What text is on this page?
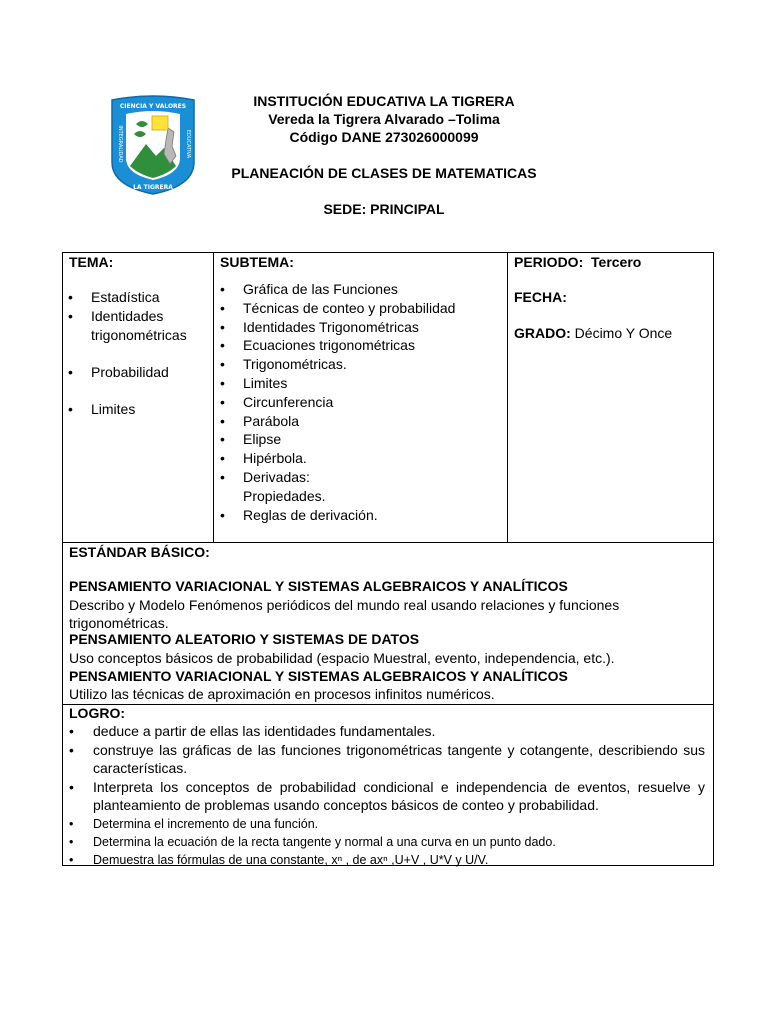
CIENCIA Y VALORES
LA TIGRERA
INTEGRALIDAD	EDUCATIVA
INSTITUCIÓN EDUCATIVA LA TIGRERA
Vereda la Tigrera Alvarado –Tolima
Código DANE 273026000099
PLANEACIÓN DE CLASES DE MATEMATICAS
SEDE: PRINCIPAL
TEMA:
• Estadística
• Identidades trigonométricas
• Probabilidad
• Limites
SUBTEMA:
• Gráfica de las Funciones
• Técnicas de conteo y probabilidad
• Identidades Trigonométricas
• Ecuaciones trigonométricas
• Trigonométricas.
• Limites
• Circunferencia
• Parábola
• Elipse
• Hipérbola.
• Derivadas:
Propiedades.
• Reglas de derivación.
PERIODO: Tercero
FECHA:
GRADO: Décimo Y Once
ESTÁNDAR BÁSICO:
PENSAMIENTO VARIACIONAL Y SISTEMAS ALGEBRAICOS Y ANALÍTICOS
Describo y Modelo Fenómenos periódicos del mundo real usando relaciones y funciones trigonométricas.
PENSAMIENTO ALEATORIO Y SISTEMAS DE DATOS
Uso conceptos básicos de probabilidad (espacio Muestral, evento, independencia, etc.).
PENSAMIENTO VARIACIONAL Y SISTEMAS ALGEBRAICOS Y ANALÍTICOS
Utilizo las técnicas de aproximación en procesos infinitos numéricos.
LOGRO:
• deduce a partir de ellas las identidades fundamentales.
• construye las gráficas de las funciones trigonométricas tangente y cotangente, describiendo sus características.
• Interpreta los conceptos de probabilidad condicional e independencia de eventos, resuelve y planteamiento de problemas usando conceptos básicos de conteo y probabilidad.
• Determina el incremento de una función.
• Determina la ecuación de la recta tangente y normal a una curva en un punto dado.
• Demuestra las fórmulas de una constante, xⁿ , de axⁿ ,U+V , U*V y U/V.
